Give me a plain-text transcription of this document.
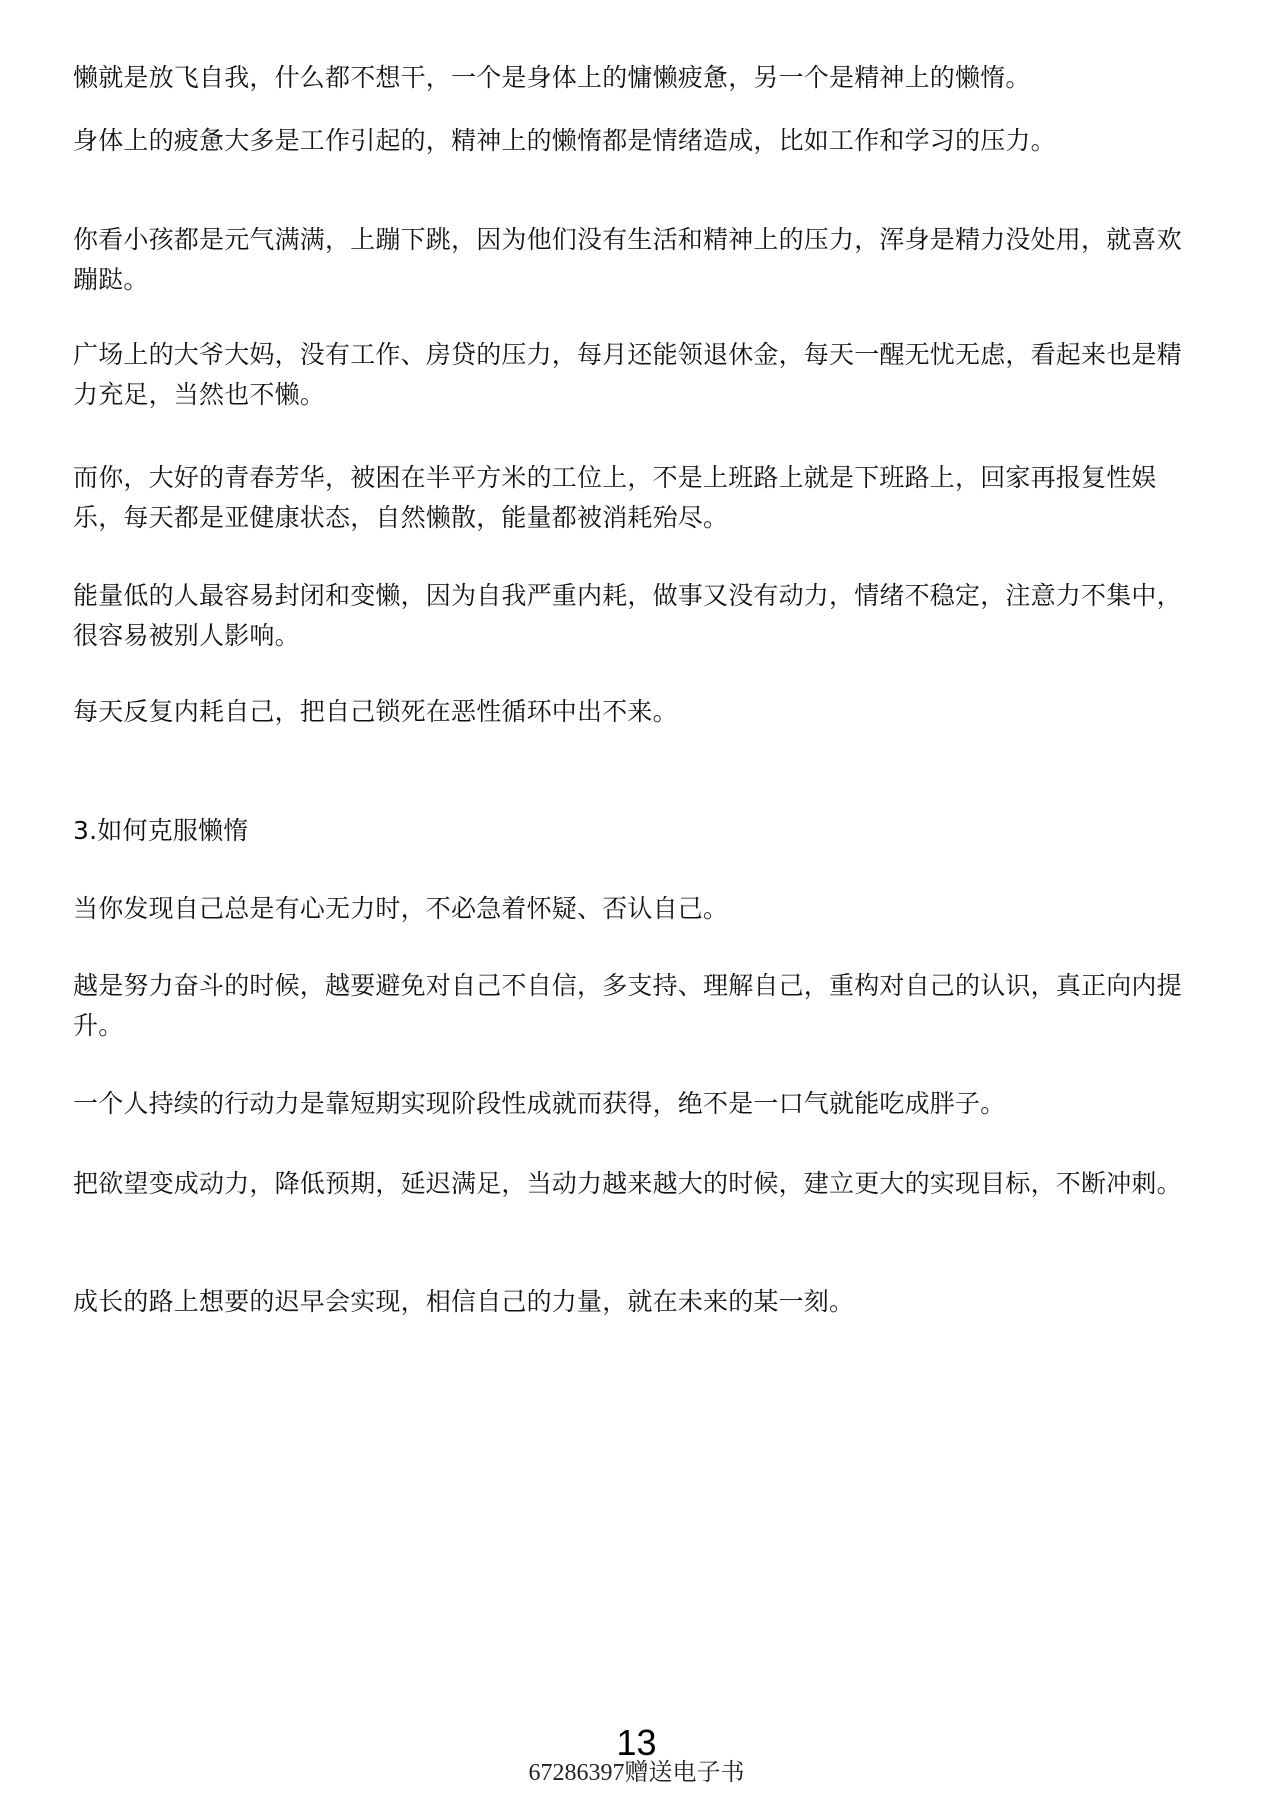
懒就是放飞自我，什么都不想干，一个是身体上的慵懒疲惫，另一个是精神上的懒惰。

身体上的疲惫大多是工作引起的，精神上的懒惰都是情绪造成，比如工作和学习的压力。

你看小孩都是元气满满，上蹦下跳，因为他们没有生活和精神上的压力，浑身是精力没处用，就喜欢蹦跶。

广场上的大爷大妈，没有工作、房贷的压力，每月还能领退休金，每天一醒无忧无虑，看起来也是精力充足，当然也不懒。

而你，大好的青春芳华，被困在半平方米的工位上，不是上班路上就是下班路上，回家再报复性娱乐，每天都是亚健康状态，自然懒散，能量都被消耗殆尽。

能量低的人最容易封闭和变懒，因为自我严重内耗，做事又没有动力，情绪不稳定，注意力不集中，很容易被别人影响。

每天反复内耗自己，把自己锁死在恶性循环中出不来。

3.如何克服懒惰

当你发现自己总是有心无力时，不必急着怀疑、否认自己。

越是努力奋斗的时候，越要避免对自己不自信，多支持、理解自己，重构对自己的认识，真正向内提升。

一个人持续的行动力是靠短期实现阶段性成就而获得，绝不是一口气就能吃成胖子。

把欲望变成动力，降低预期，延迟满足，当动力越来越大的时候，建立更大的实现目标，不断冲刺。

成长的路上想要的迟早会实现，相信自己的力量，就在未来的某一刻。

13
67286397赠送电子书
